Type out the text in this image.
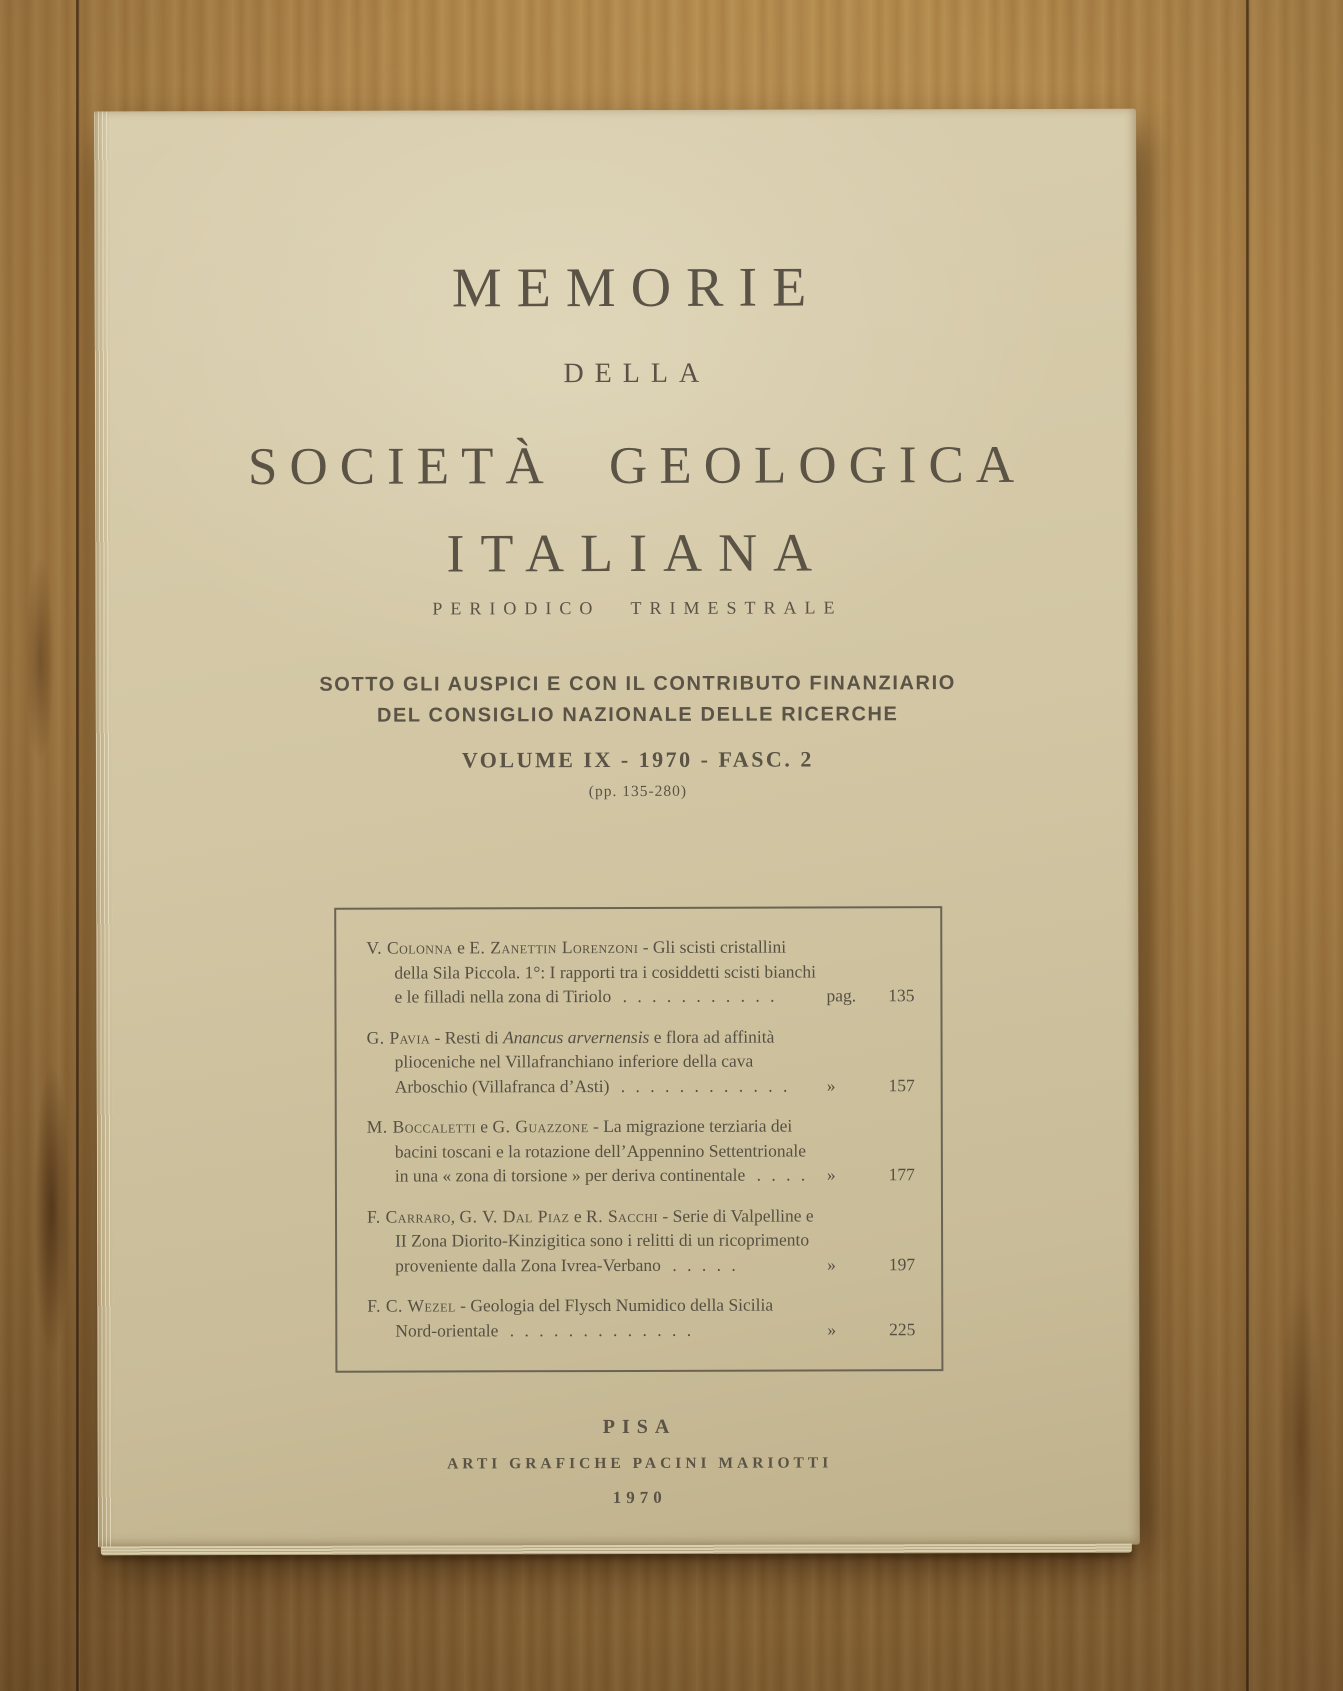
MEMORIE
DELLA
SOCIETÀ GEOLOGICA
ITALIANA
PERIODICO TRIMESTRALE
SOTTO GLI AUSPICI E CON IL CONTRIBUTO FINANZIARIO
DEL CONSIGLIO NAZIONALE DELLE RICERCHE
VOLUME IX - 1970 - FASC. 2
(pp. 135-280)
V. Colonna e E. Zanettin Lorenzoni - Gli scisti cristallini della Sila Piccola. 1°: I rapporti tra i cosiddetti scisti bianchi e le filladi nella zona di Tiriolo . . . . . . . . . . .	pag. 135
G. Pavia - Resti di Anancus arvernensis e flora ad affinità plioceniche nel Villafranchiano inferiore della cava Arboschio (Villafranca d’Asti) . . . . . . . . . . . .	»	157
M. Boccaletti e G. Guazzone - La migrazione terziaria dei bacini toscani e la rotazione dell’Appennino Settentrionale in una « zona di torsione » per deriva continentale . . . .	»	177
F. Carraro, G. V. Dal Piaz e R. Sacchi - Serie di Valpelline e II Zona Diorito-Kinzigitica sono i relitti di un ricoprimento proveniente dalla Zona Ivrea-Verbano . . . . .	»	197
F. C. Wezel - Geologia del Flysch Numidico della Sicilia Nord-orientale . . . . . . . . . . . . .	»	225
PISA
ARTI GRAFICHE PACINI MARIOTTI
1970
